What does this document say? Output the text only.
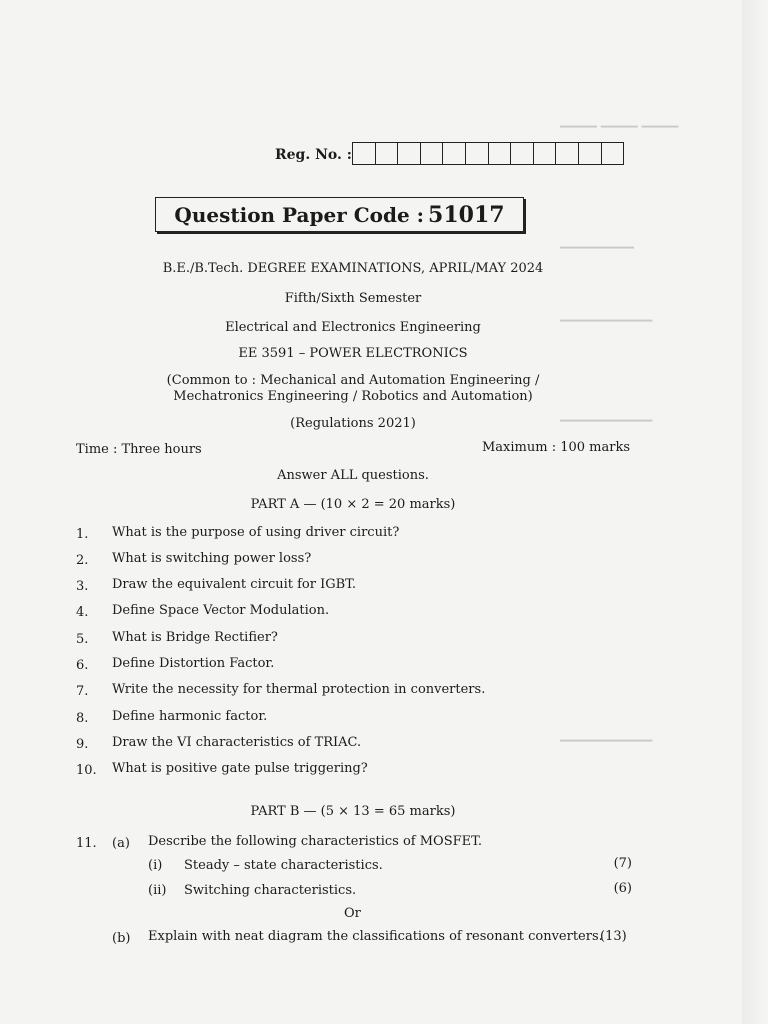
▔▔▔▔ ▔▔▔▔ ▔▔▔▔
▔▔▔▔▔▔▔▔
▔▔▔▔▔▔▔▔▔▔
▔▔▔▔▔▔▔▔▔▔
▔▔▔▔▔▔▔▔▔▔
Reg. No. :
Question Paper Code : 51017
B.E./B.Tech. DEGREE EXAMINATIONS, APRIL/MAY 2024
Fifth/Sixth Semester
Electrical and Electronics Engineering
EE 3591 – POWER ELECTRONICS
(Common to : Mechanical and Automation Engineering /
Mechatronics Engineering / Robotics and Automation)
(Regulations 2021)
Time : Three hours	Maximum : 100 marks
Answer ALL questions.
PART A — (10 × 2 = 20 marks)
1. What is the purpose of using driver circuit?
2. What is switching power loss?
3. Draw the equivalent circuit for IGBT.
4. Define Space Vector Modulation.
5. What is Bridge Rectifier?
6. Define Distortion Factor.
7. Write the necessity for thermal protection in converters.
8. Define harmonic factor.
9. Draw the VI characteristics of TRIAC.
10. What is positive gate pulse triggering?
PART B — (5 × 13 = 65 marks)
11. (a) Describe the following characteristics of MOSFET.
(i) Steady – state characteristics.	(7)
(ii) Switching characteristics.	(6)
Or
(b) Explain with neat diagram the classifications of resonant converters.
(13)
